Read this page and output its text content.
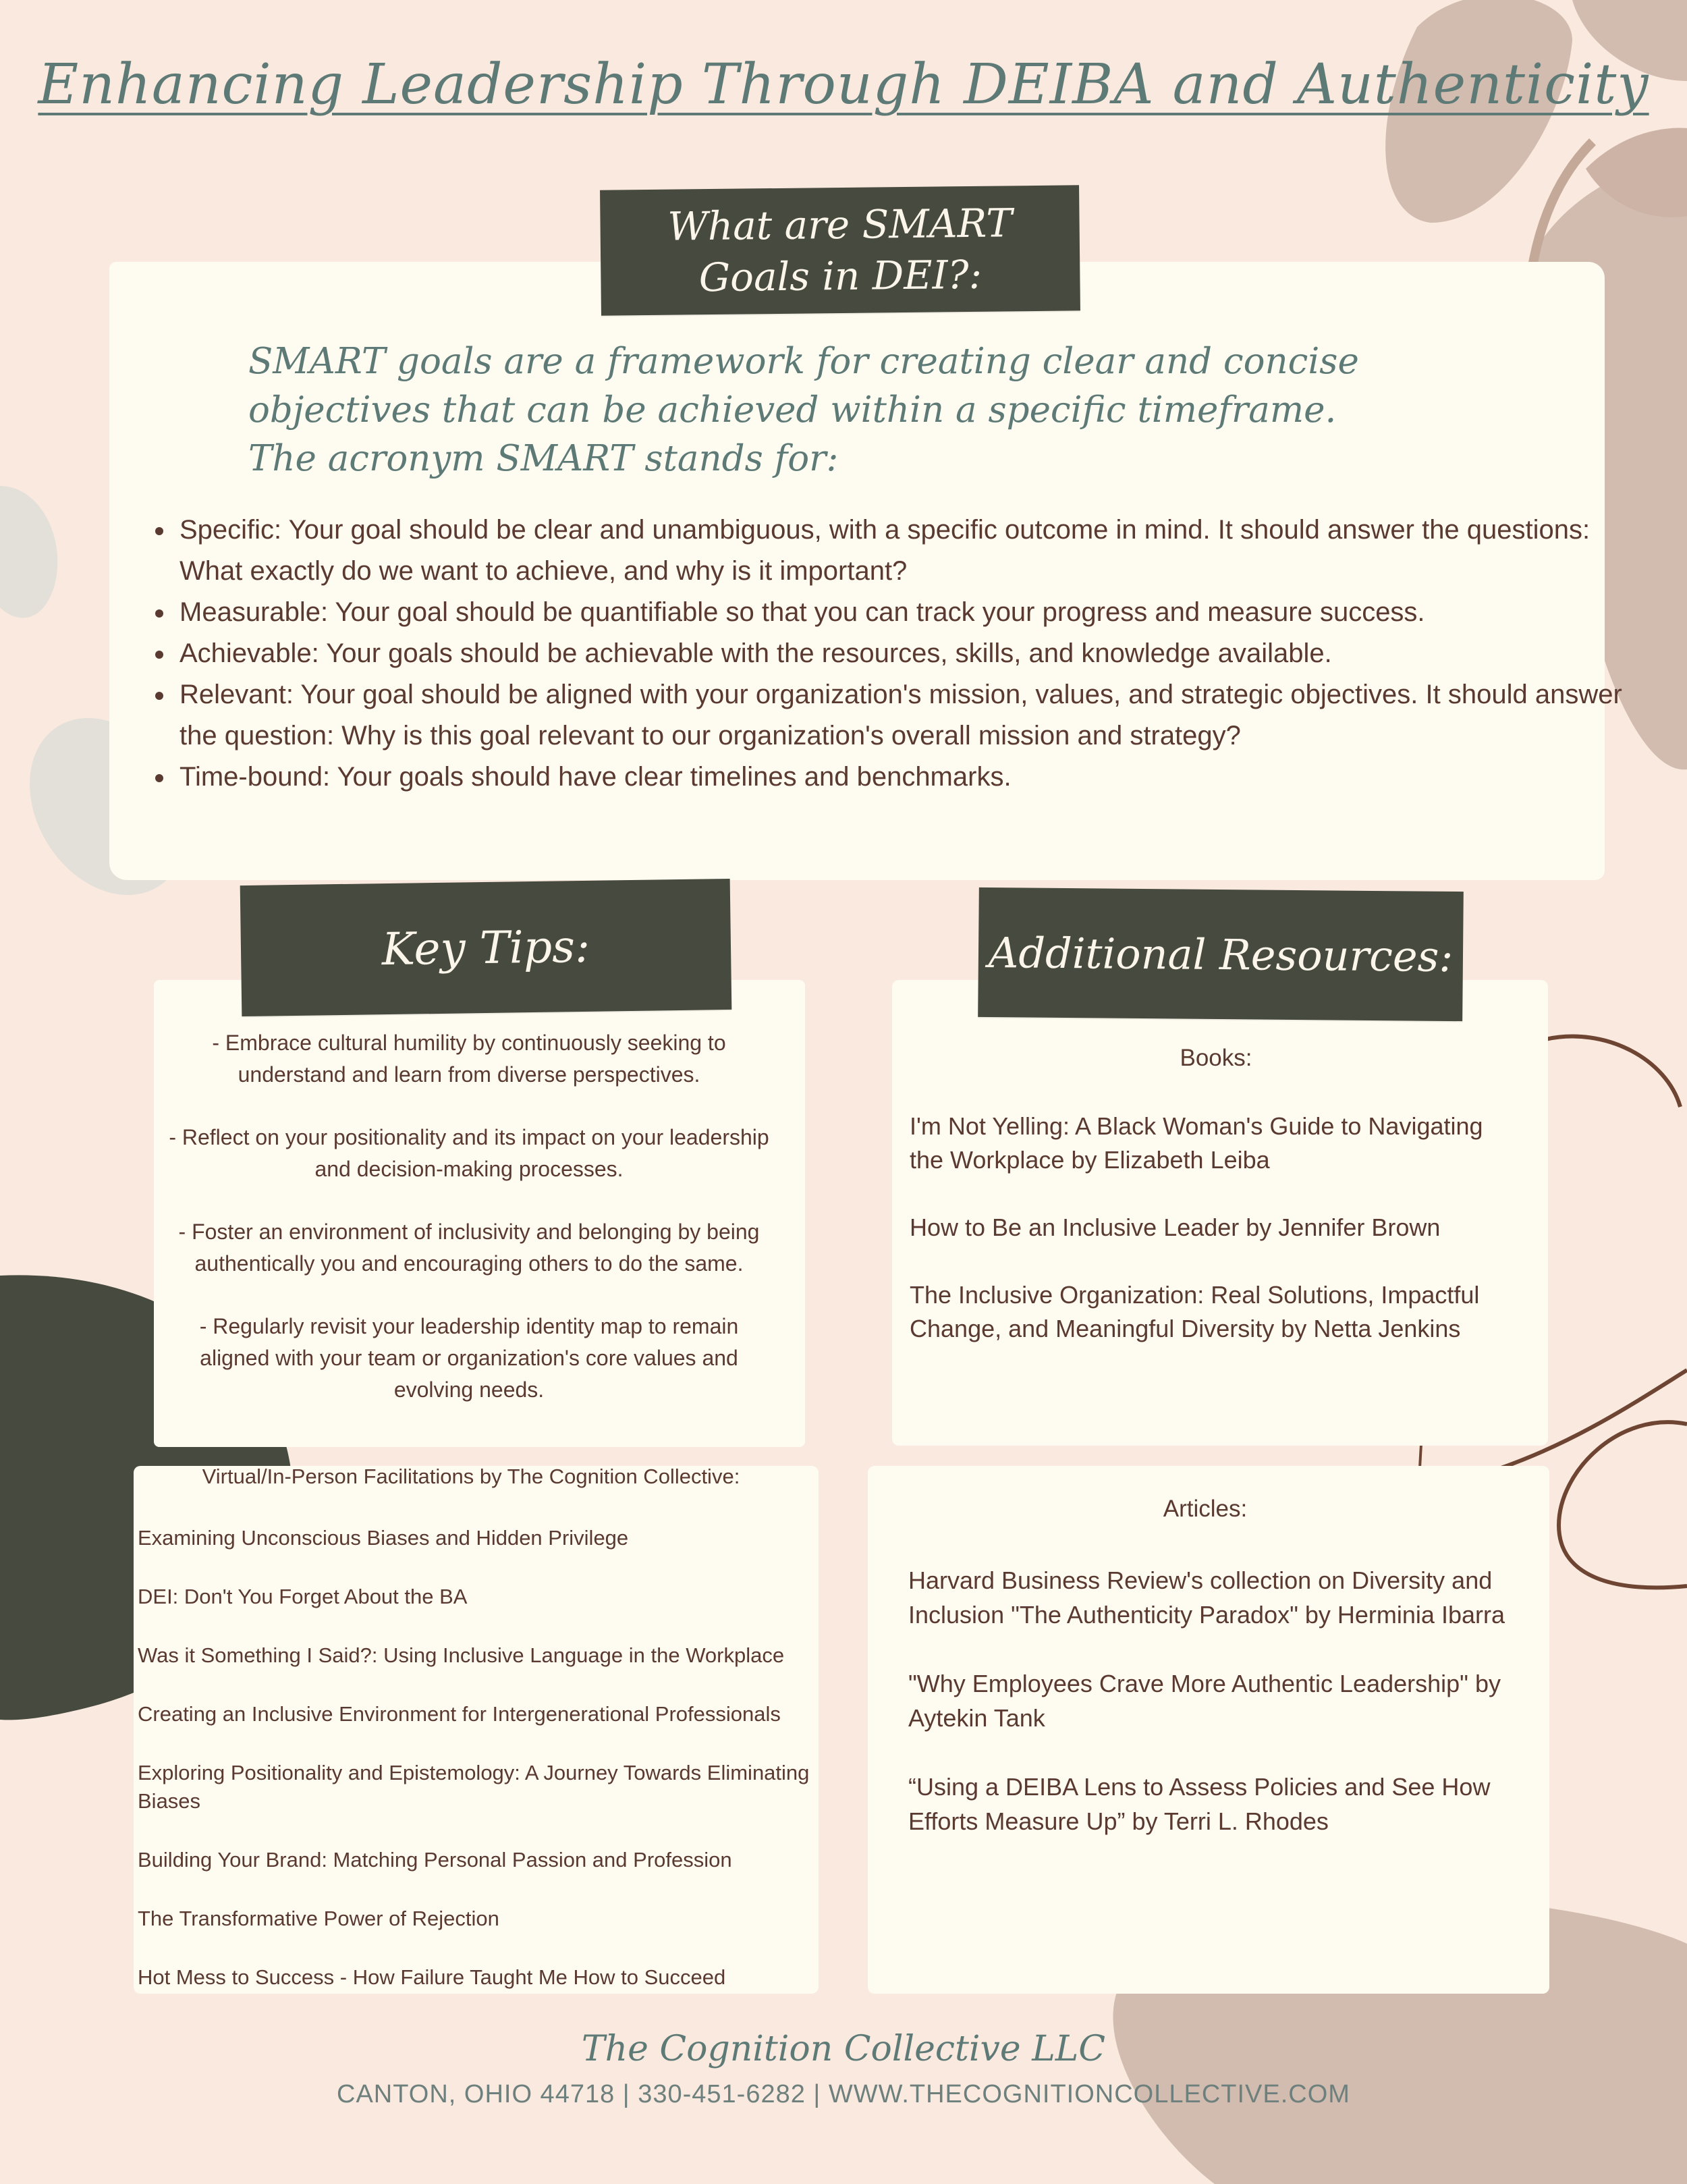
Enhancing Leadership Through DEIBA and Authenticity
What are SMART
Goals in DEI?:
SMART goals are a framework for creating clear and concise objectives that can be achieved within a specific timeframe. The acronym SMART stands for:
• Specific: Your goal should be clear and unambiguous, with a specific outcome in mind. It should answer the questions: What exactly do we want to achieve, and why is it important?
• Measurable: Your goal should be quantifiable so that you can track your progress and measure success.
• Achievable: Your goals should be achievable with the resources, skills, and knowledge available.
• Relevant: Your goal should be aligned with your organization's mission, values, and strategic objectives. It should answer the question: Why is this goal relevant to our organization's overall mission and strategy?
• Time-bound: Your goals should have clear timelines and benchmarks.
Key Tips:	Additional Resources:

- Embrace cultural humility by continuously seeking to understand and learn from diverse perspectives.

- Reflect on your positionality and its impact on your leadership and decision-making processes.

- Foster an environment of inclusivity and belonging by being authentically you and encouraging others to do the same.

- Regularly revisit your leadership identity map to remain aligned with your team or organization's core values and evolving needs.

Books:

I'm Not Yelling: A Black Woman's Guide to Navigating the Workplace by Elizabeth Leiba

How to Be an Inclusive Leader by Jennifer Brown

The Inclusive Organization: Real Solutions, Impactful Change, and Meaningful Diversity by Netta Jenkins

Virtual/In-Person Facilitations by The Cognition Collective:

Examining Unconscious Biases and Hidden Privilege

DEI: Don't You Forget About the BA

Was it Something I Said?: Using Inclusive Language in the Workplace

Creating an Inclusive Environment for Intergenerational Professionals

Exploring Positionality and Epistemology: A Journey Towards Eliminating Biases

Building Your Brand: Matching Personal Passion and Profession

The Transformative Power of Rejection

Hot Mess to Success - How Failure Taught Me How to Succeed

Articles:

Harvard Business Review's collection on Diversity and Inclusion "The Authenticity Paradox" by Herminia Ibarra

"Why Employees Crave More Authentic Leadership" by Aytekin Tank

“Using a DEIBA Lens to Assess Policies and See How Efforts Measure Up” by Terri L. Rhodes

The Cognition Collective LLC
CANTON, OHIO 44718 | 330-451-6282 | WWW.THECOGNITIONCOLLECTIVE.COM
